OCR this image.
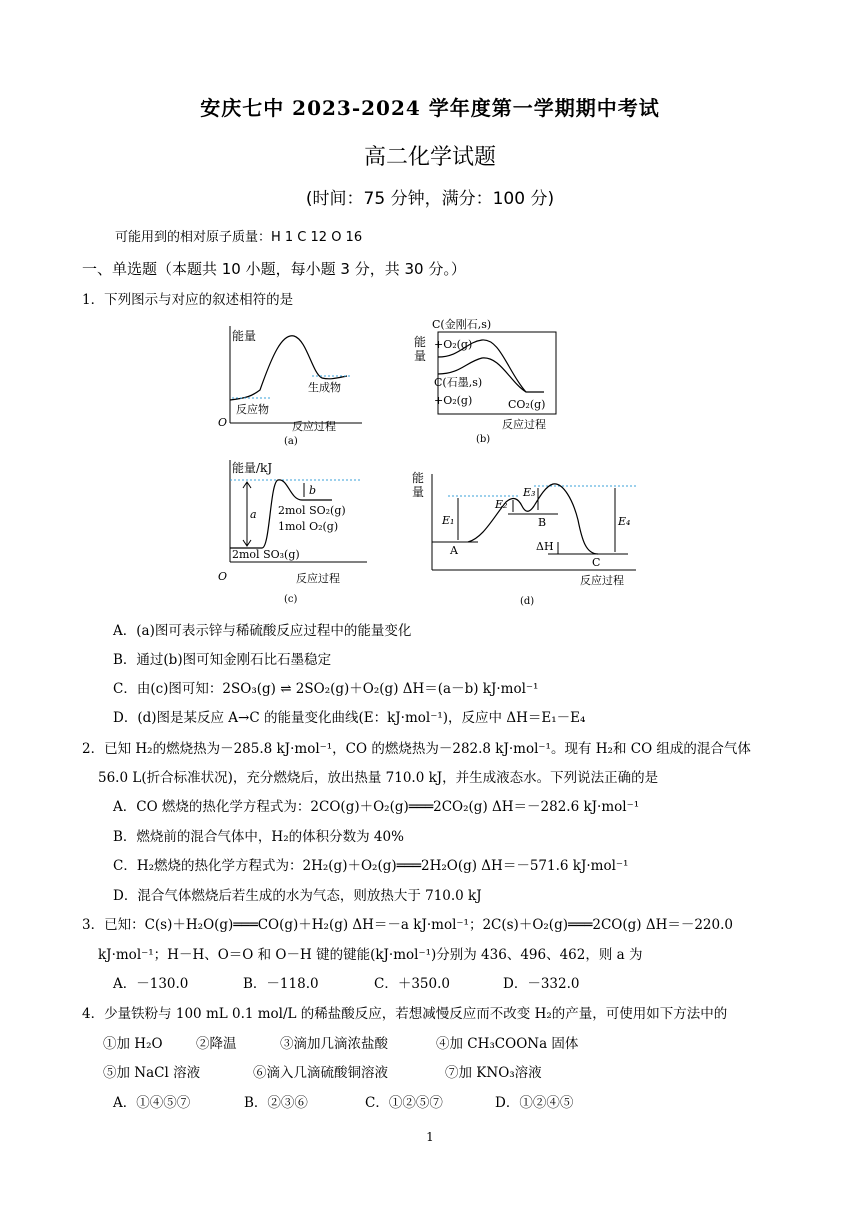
安庆七中 2023-2024 学年度第一学期期中考试
高二化学试题
(时间：75 分钟，满分：100 分)
可能用到的相对原子质量：H 1 C 12 O 16
一、单选题（本题共 10 小题，每小题 3 分，共 30 分。）
1．下列图示与对应的叙述相符的是
能量
O
反应物
生成物
反应过程
(a)
C(金刚石,s)
+O₂(g)
能
量
C(石墨,s)
+O₂(g)	CO₂(g)
反应过程
(b)
能量/kJ
a
b
2mol SO₂(g)
1mol O₂(g)
2mol SO₃(g)
O	反应过程
(c)
能
量
E₁
E₂
E₃
E₄
A
B
C
ΔH
反应过程
(d)
A．(a)图可表示锌与稀硫酸反应过程中的能量变化
B．通过(b)图可知金刚石比石墨稳定
C．由(c)图可知：2SO₃(g) ⇌ 2SO₂(g)＋O₂(g) ΔH＝(a－b) kJ·mol⁻¹
D．(d)图是某反应 A→C 的能量变化曲线(E：kJ·mol⁻¹)，反应中 ΔH＝E₁－E₄
2．已知 H₂的燃烧热为－285.8 kJ·mol⁻¹，CO 的燃烧热为－282.8 kJ·mol⁻¹。现有 H₂和 CO 组成的混合气体
56.0 L(折合标准状况)，充分燃烧后，放出热量 710.0 kJ，并生成液态水。下列说法正确的是
A．CO 燃烧的热化学方程式为：2CO(g)＋O₂(g)═══2CO₂(g) ΔH＝－282.6 kJ·mol⁻¹
B．燃烧前的混合气体中，H₂的体积分数为 40%
C．H₂燃烧的热化学方程式为：2H₂(g)＋O₂(g)═══2H₂O(g) ΔH＝－571.6 kJ·mol⁻¹
D．混合气体燃烧后若生成的水为气态，则放热大于 710.0 kJ
3．已知：C(s)＋H₂O(g)═══CO(g)＋H₂(g) ΔH＝－a kJ·mol⁻¹；2C(s)＋O₂(g)═══2CO(g) ΔH＝－220.0
kJ·mol⁻¹；H－H、O＝O 和 O－H 键的键能(kJ·mol⁻¹)分别为 436、496、462，则 a 为
A．－130.0	B．－118.0	C．＋350.0	D．－332.0
4．少量铁粉与 100 mL 0.1 mol/L 的稀盐酸反应，若想减慢反应而不改变 H₂的产量，可使用如下方法中的
①加 H₂O ②降温	③滴加几滴浓盐酸	④加 CH₃COONa 固体
⑤加 NaCl 溶液	⑥滴入几滴硫酸铜溶液	⑦加 KNO₃溶液
A．①④⑤⑦	B．②③⑥	C．①②⑤⑦	D．①②④⑤
1
